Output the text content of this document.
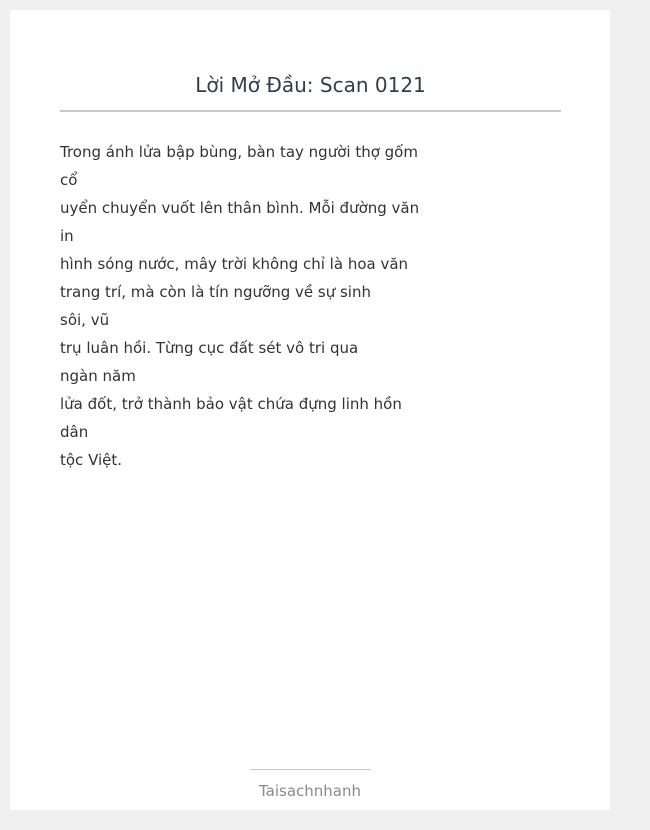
Lời Mở Đầu: Scan 0121
Trong ánh lửa bập bùng, bàn tay người thợ gốm
cổ
uyển chuyển vuốt lên thân bình. Mỗi đường văn
in
hình sóng nước, mây trời không chỉ là hoa văn
trang trí, mà còn là tín ngưỡng về sự sinh
sôi, vũ
trụ luân hồi. Từng cục đất sét vô tri qua
ngàn năm
lửa đốt, trở thành bảo vật chứa đựng linh hồn
dân
tộc Việt.
Taisachnhanh
